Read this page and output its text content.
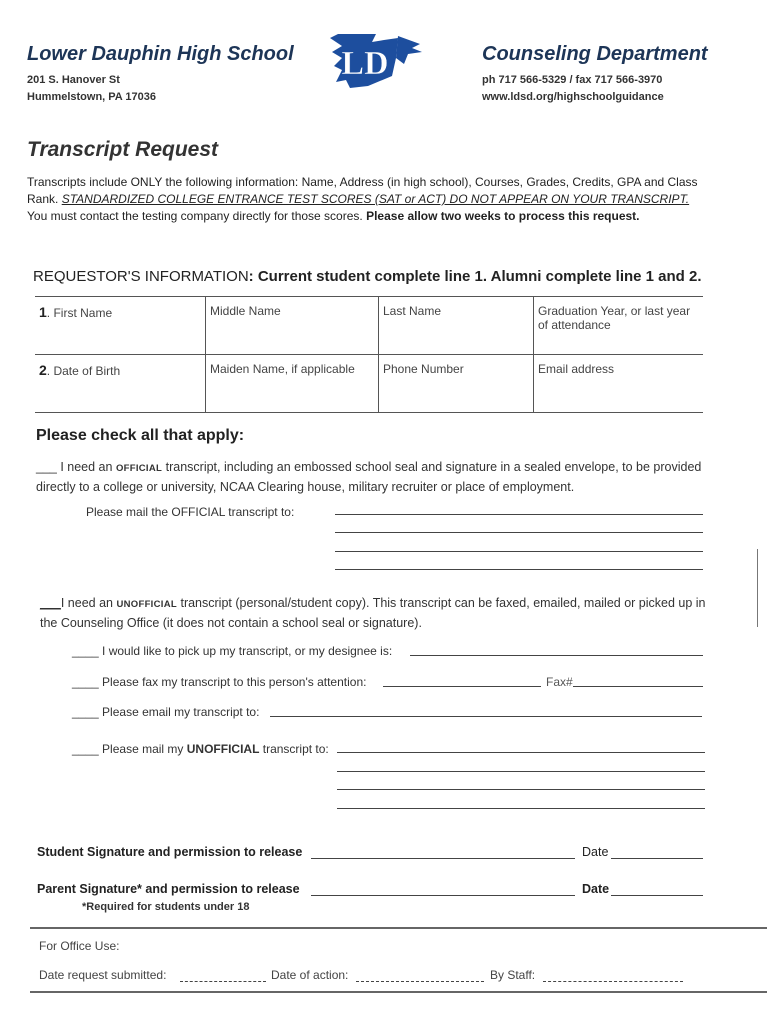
Lower Dauphin High School
201 S. Hanover St
Hummelstown, PA 17036
LD	Counseling Department
ph 717 566-5329 / fax 717 566-3970
www.ldsd.org/highschoolguidance
Transcript Request
Transcripts include ONLY the following information: Name, Address (in high school), Courses, Grades, Credits, GPA and Class Rank. STANDARDIZED COLLEGE ENTRANCE TEST SCORES (SAT or ACT) DO NOT APPEAR ON YOUR TRANSCRIPT.
You must contact the testing company directly for those scores. Please allow two weeks to process this request.
REQUESTOR'S INFORMATION: Current student complete line 1. Alumni complete line 1 and 2.
1. First Name	Middle Name	Last Name	Graduation Year, or last year of attendance
2. Date of Birth	Maiden Name, if applicable	Phone Number	Email address
Please check all that apply:
___ I need an OFFICIAL transcript, including an embossed school seal and signature in a sealed envelope, to be provided directly to a college or university, NCAA Clearing house, military recruiter or place of employment.
Please mail the OFFICIAL transcript to:
___I need an UNOFFICIAL transcript (personal/student copy). This transcript can be faxed, emailed, mailed or picked up in the Counseling Office (it does not contain a school seal or signature).
____ I would like to pick up my transcript, or my designee is:
____ Please fax my transcript to this person's attention:	Fax#
____ Please email my transcript to:
____ Please mail my UNOFFICIAL transcript to:
Student Signature and permission to release	Date
Parent Signature* and permission to release	Date
*Required for students under 18
For Office Use:
Date request submitted:	Date of action:	By Staff:
